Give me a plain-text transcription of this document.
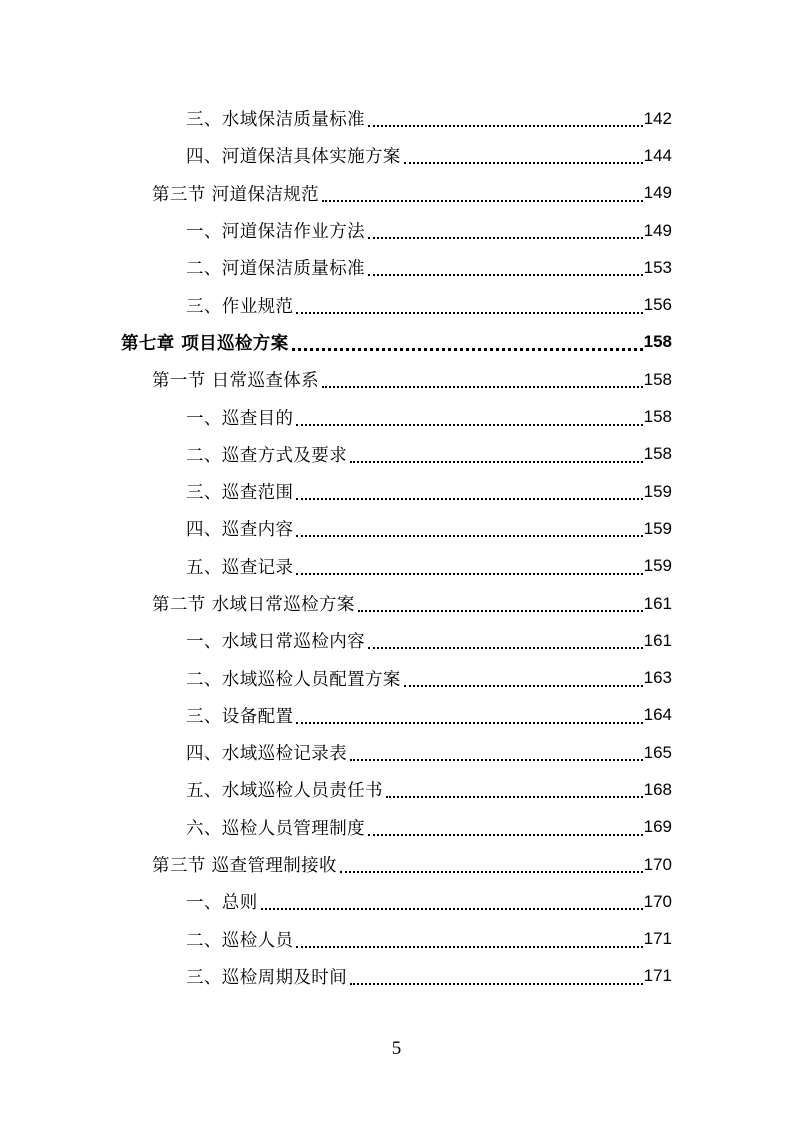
三、水域保洁质量标准	142
四、河道保洁具体实施方案	144
第三节 河道保洁规范	149
一、河道保洁作业方法	149
二、河道保洁质量标准	153
三、作业规范	156
第七章 项目巡检方案	158
第一节 日常巡查体系	158
一、巡查目的	158
二、巡查方式及要求	158
三、巡查范围	159
四、巡查内容	159
五、巡查记录	159
第二节 水域日常巡检方案	161
一、水域日常巡检内容	161
二、水域巡检人员配置方案	163
三、设备配置	164
四、水域巡检记录表	165
五、水域巡检人员责任书	168
六、巡检人员管理制度	169
第三节 巡查管理制接收	170
一、总则	170
二、巡检人员	171
三、巡检周期及时间	171
5
